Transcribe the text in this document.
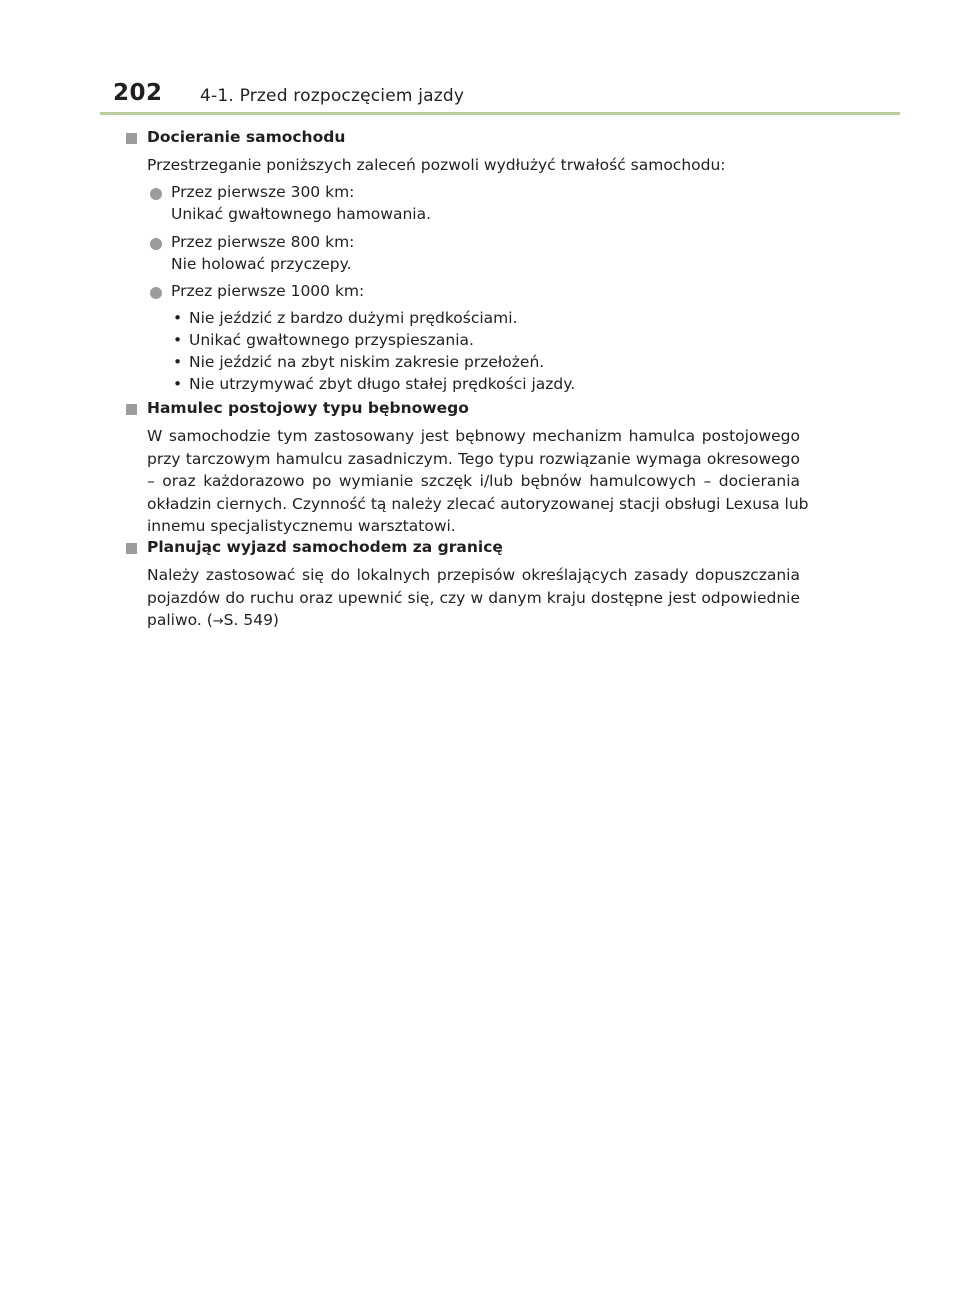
202 4-1. Przed rozpoczęciem jazdy
Docieranie samochodu
Przestrzeganie poniższych zaleceń pozwoli wydłużyć trwałość samochodu:
Przez pierwsze 300 km:
Unikać gwałtownego hamowania.
Przez pierwsze 800 km:
Nie holować przyczepy.
Przez pierwsze 1000 km:
• Nie jeździć z bardzo dużymi prędkościami.
• Unikać gwałtownego przyspieszania.
• Nie jeździć na zbyt niskim zakresie przełożeń.
• Nie utrzymywać zbyt długo stałej prędkości jazdy.
Hamulec postojowy typu bębnowego
W samochodzie tym zastosowany jest bębnowy mechanizm hamulca postojowego
przy tarczowym hamulcu zasadniczym. Tego typu rozwiązanie wymaga okresowego
– oraz każdorazowo po wymianie szczęk i/lub bębnów hamulcowych – docierania
okładzin ciernych. Czynność tą należy zlecać autoryzowanej stacji obsługi Lexusa lub
innemu specjalistycznemu warsztatowi.
Planując wyjazd samochodem za granicę
Należy zastosować się do lokalnych przepisów określających zasady dopuszczania
pojazdów do ruchu oraz upewnić się, czy w danym kraju dostępne jest odpowiednie
paliwo. (→S. 549)
